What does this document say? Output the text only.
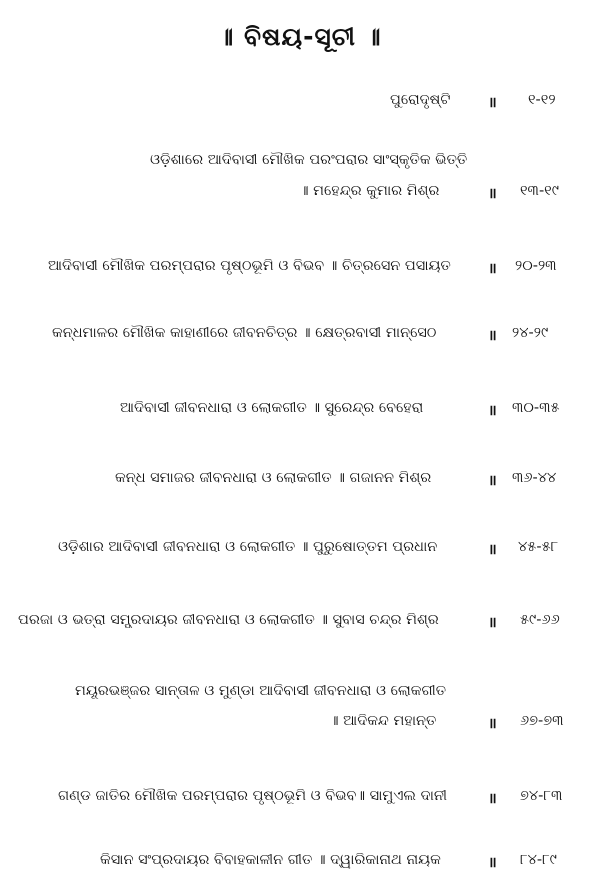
॥ ବିଷୟ-ସୂଚୀ ॥
ପୁରୋଦୃଷ୍ଟି	॥ ୧-୧୨
ଓଡ଼ିଶାରେ ଆଦିବାସୀ ମୌଖିକ ପରଂପରାର ସାଂସ୍କୃତିକ ଭିତ୍ତି
॥ ମହେନ୍ଦ୍ର କୁମାର ମିଶ୍ର	॥ ୧୩-୧୯
ଆଦିବାସୀ ମୌଖିକ ପରମ୍ପରାର ପୃଷ୍ଠଭୂମି ଓ ବିଭବ ॥ ଚିତ୍ରସେନ ପସାୟତ	॥ ୨୦-୨୩
କନ୍ଧମାଳର ମୌଖିକ କାହାଣୀରେ ଜୀବନଚିତ୍ର ॥ କ୍ଷେତ୍ରବାସୀ ମାନ୍‌ସେଠ	॥ ୨୪-୨୯
ଆଦିବାସୀ ଜୀବନଧାରା ଓ ଲୋକଗୀତ ॥ ସୁରେନ୍ଦ୍ର ବେହେରା	॥ ୩୦-୩୫
କନ୍ଧ ସମାଜର ଜୀବନଧାରା ଓ ଲୋକଗୀତ ॥ ଗଜାନନ ମିଶ୍ର	॥ ୩୬-୪୪
ଓଡ଼ିଶାର ଆଦିବାସୀ ଜୀବନଧାରା ଓ ଲୋକଗୀତ ॥ ପୁରୁଷୋତ୍ତମ ପ୍ରଧାନ	॥ ୪୫-୫୮
ପରଜା ଓ ଭତ୍ରା ସମ୍ପ୍ରଦାୟର ଜୀବନଧାରା ଓ ଲୋକଗୀତ ॥ ସୁବାସ ଚନ୍ଦ୍ର ମିଶ୍ର	॥ ୫୯-୬୬
ମୟୂରଭଞ୍ଜର ସାନ୍ତାଳ ଓ ମୁଣ୍ଡା ଆଦିବାସୀ ଜୀବନଧାରା ଓ ଲୋକଗୀତ
॥ ଆଦିକନ୍ଦ ମହାନ୍ତ	॥ ୬୭-୭୩
ଗଣ୍ଡ ଜାତିର ମୌଖିକ ପରମ୍ପରାର ପୃଷ୍ଠଭୂମି ଓ ବିଭବ॥ ସାମୁଏଲ ଦାନୀ	॥ ୭୪-୮୩
କିସାନ ସଂପ୍ରଦାୟର ବିବାହକାଳୀନ ଗୀତ ॥ ଦ୍ୱାରିକାନାଥ ନାୟକ	॥ ୮୪-୮୯
